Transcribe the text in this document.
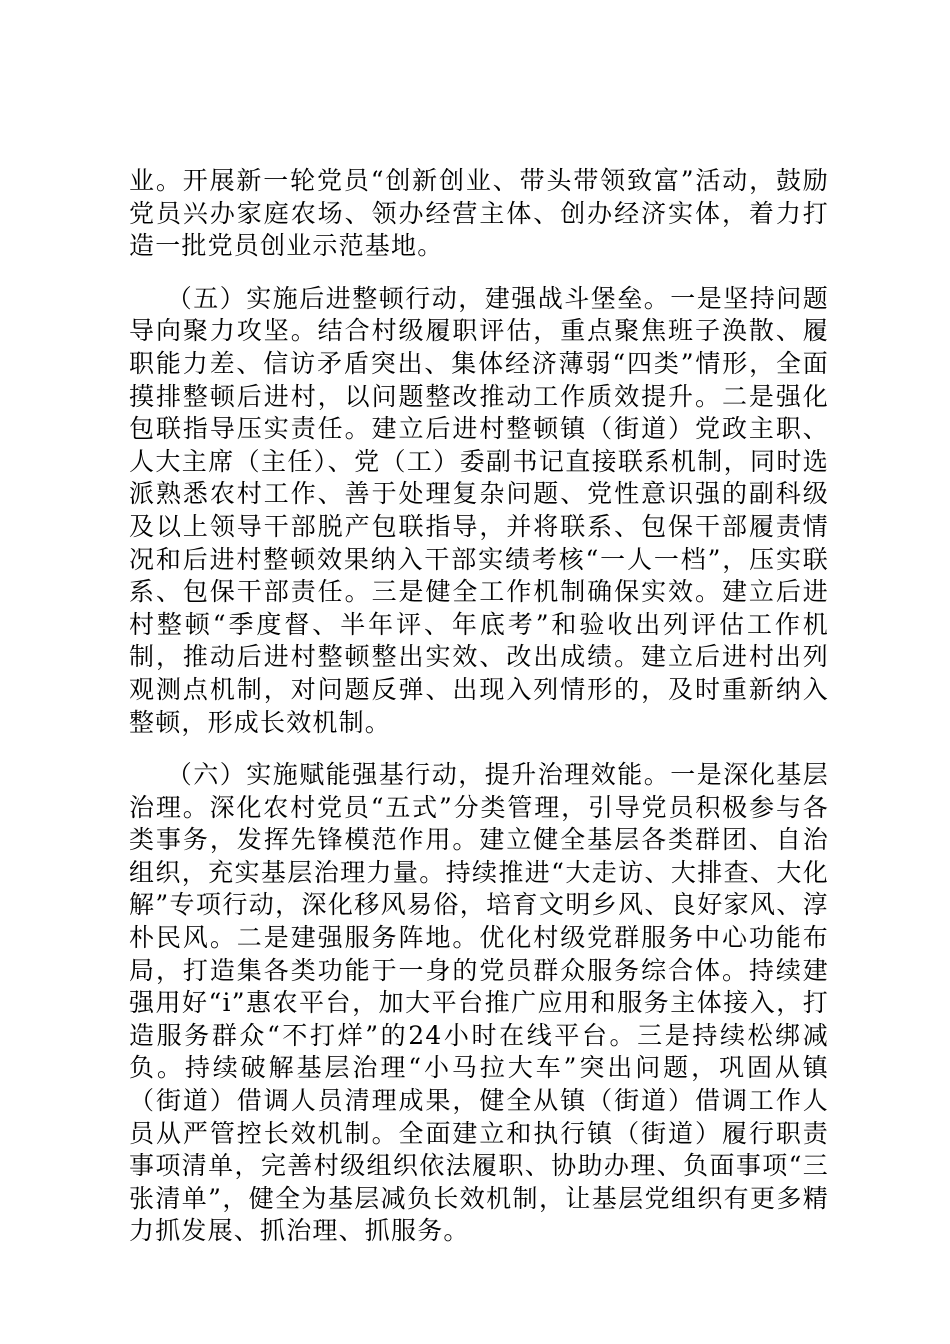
业。开展新一轮党员“创新创业、带头带领致富”活动，鼓励党员兴办家庭农场、领办经营主体、创办经济实体，着力打造一批党员创业示范基地。

（五）实施后进整顿行动，建强战斗堡垒。一是坚持问题导向聚力攻坚。结合村级履职评估，重点聚焦班子涣散、履职能力差、信访矛盾突出、集体经济薄弱“四类”情形，全面摸排整顿后进村，以问题整改推动工作质效提升。二是强化包联指导压实责任。建立后进村整顿镇（街道）党政主职、人大主席（主任）、党（工）委副书记直接联系机制，同时选派熟悉农村工作、善于处理复杂问题、党性意识强的副科级及以上领导干部脱产包联指导，并将联系、包保干部履责情况和后进村整顿效果纳入干部实绩考核“一人一档”，压实联系、包保干部责任。三是健全工作机制确保实效。建立后进村整顿“季度督、半年评、年底考”和验收出列评估工作机制，推动后进村整顿整出实效、改出成绩。建立后进村出列观测点机制，对问题反弹、出现入列情形的，及时重新纳入整顿，形成长效机制。

（六）实施赋能强基行动，提升治理效能。一是深化基层治理。深化农村党员“五式”分类管理，引导党员积极参与各类事务，发挥先锋模范作用。建立健全基层各类群团、自治组织，充实基层治理力量。持续推进“大走访、大排查、大化解”专项行动，深化移风易俗，培育文明乡风、良好家风、淳朴民风。二是建强服务阵地。优化村级党群服务中心功能布局，打造集各类功能于一身的党员群众服务综合体。持续建强用好“i”惠农平台，加大平台推广应用和服务主体接入，打造服务群众“不打烊”的24小时在线平台。三是持续松绑减负。持续破解基层治理“小马拉大车”突出问题，巩固从镇（街道）借调人员清理成果，健全从镇（街道）借调工作人员从严管控长效机制。全面建立和执行镇（街道）履行职责事项清单，完善村级组织依法履职、协助办理、负面事项“三张清单”，健全为基层减负长效机制，让基层党组织有更多精力抓发展、抓治理、抓服务。
